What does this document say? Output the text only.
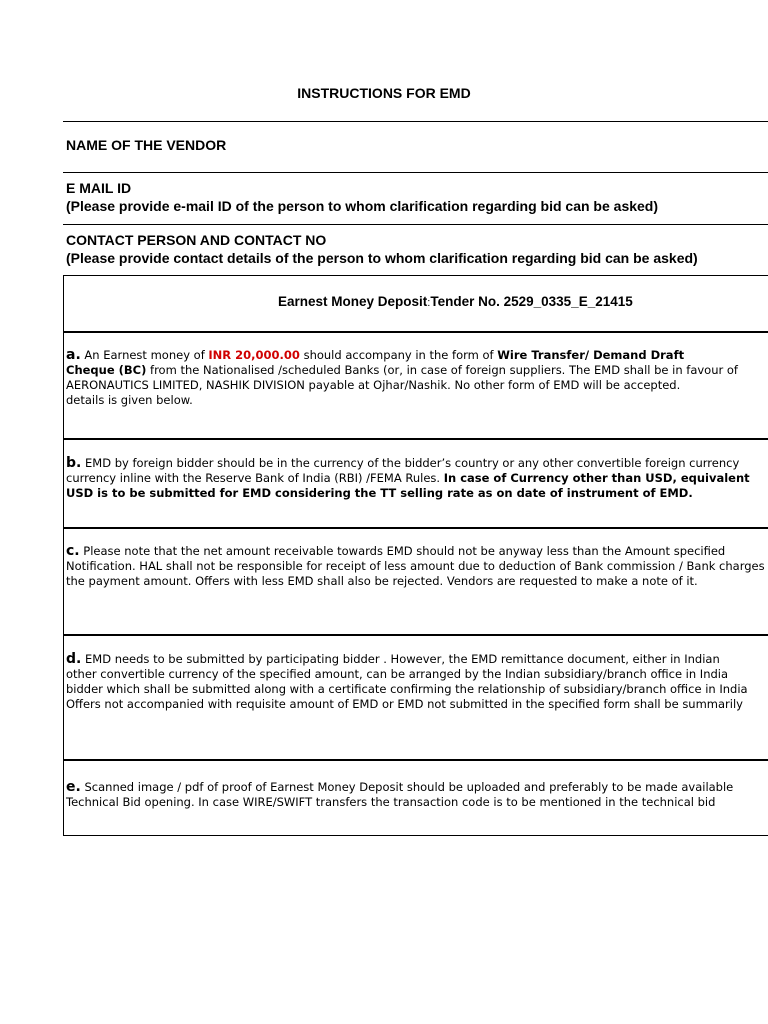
INSTRUCTIONS FOR EMD
NAME OF THE VENDOR
E MAIL ID
(Please provide e-mail ID of the person to whom clarification regarding bid can be asked)
CONTACT PERSON AND CONTACT NO
(Please provide contact details of the person to whom clarification regarding bid can be asked)
Earnest Money Deposit:Tender No. 2529_0335_E_21415
a. An Earnest money of INR 20,000.00 should accompany in the form of Wire Transfer/ Demand Draft
Cheque (BC) from the Nationalised /scheduled Banks (or, in case of foreign suppliers. The EMD shall be in favour of
AERONAUTICS LIMITED, NASHIK DIVISION payable at Ojhar/Nashik. No other form of EMD will be accepted.
details is given below.
b. EMD by foreign bidder should be in the currency of the bidder’s country or any other convertible foreign currency
currency inline with the Reserve Bank of India (RBI) /FEMA Rules. In case of Currency other than USD, equivalent
USD is to be submitted for EMD considering the TT selling rate as on date of instrument of EMD.
c. Please note that the net amount receivable towards EMD should not be anyway less than the Amount specified
Notification. HAL shall not be responsible for receipt of less amount due to deduction of Bank commission / Bank charges
the payment amount. Offers with less EMD shall also be rejected. Vendors are requested to make a note of it.
d. EMD needs to be submitted by participating bidder . However, the EMD remittance document, either in Indian
other convertible currency of the specified amount, can be arranged by the Indian subsidiary/branch office in India
bidder which shall be submitted along with a certificate confirming the relationship of subsidiary/branch office in India
Offers not accompanied with requisite amount of EMD or EMD not submitted in the specified form shall be summarily
e. Scanned image / pdf of proof of Earnest Money Deposit should be uploaded and preferably to be made available
Technical Bid opening. In case WIRE/SWIFT transfers the transaction code is to be mentioned in the technical bid
